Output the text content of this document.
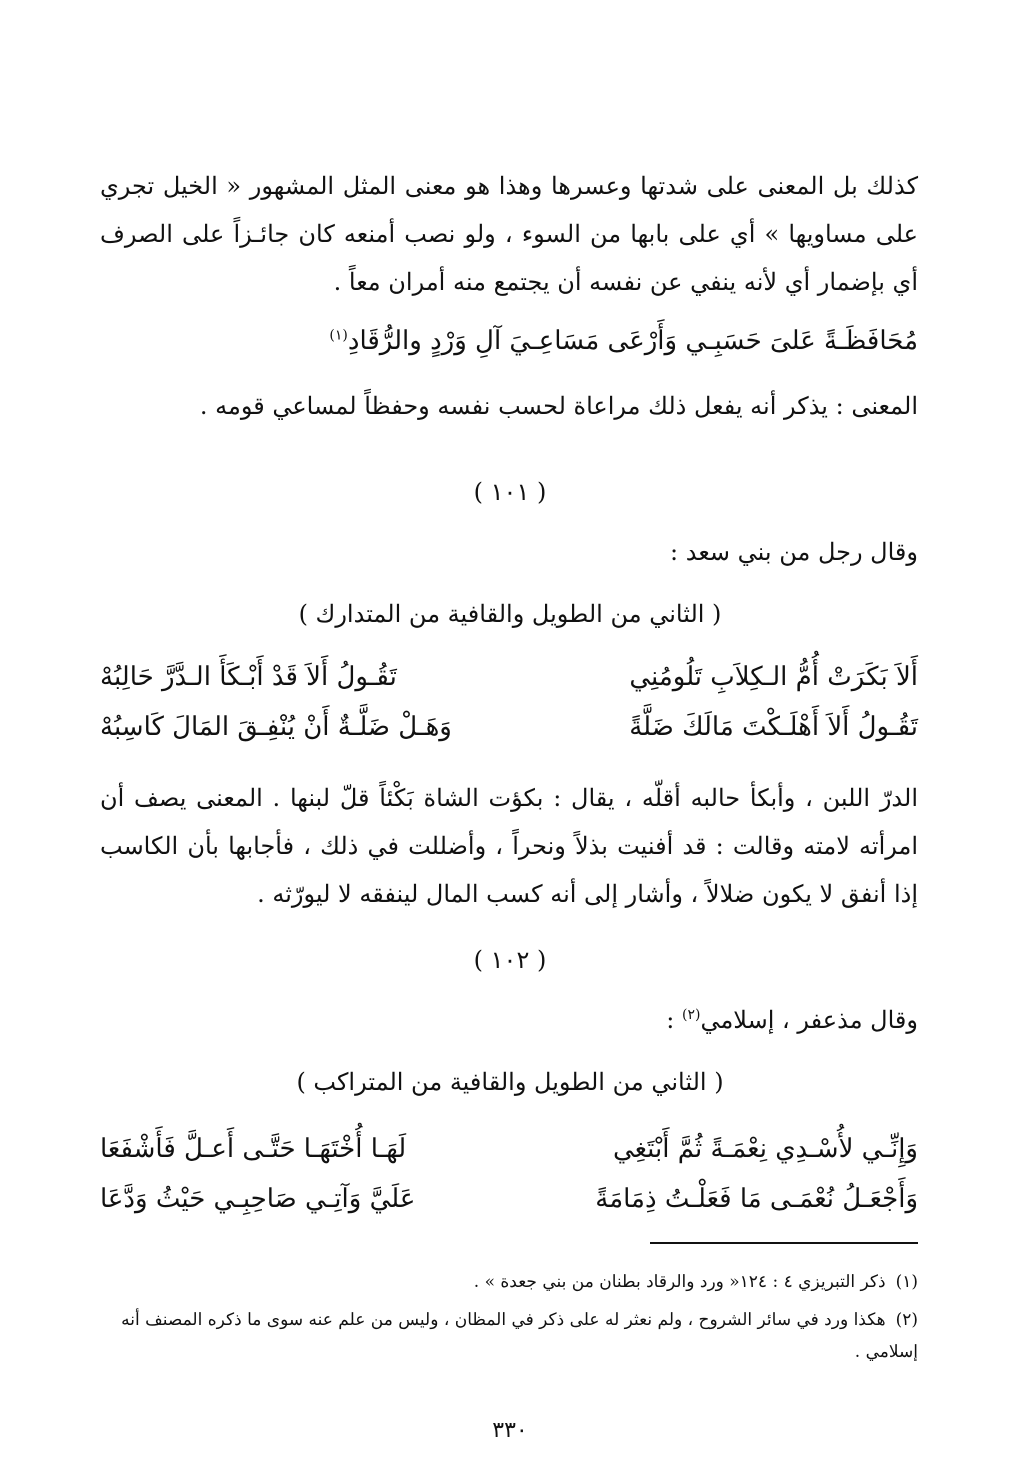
كذلك بل المعنى على شدتها وعسرها وهذا هو معنى المثل المشهور « الخيل تجري على مساويها » أي على بابها من السوء ، ولو نصب أمنعه كان جائـزاً على الصرف أي بإضمار أي لأنه ينفي عن نفسه أن يجتمع منه أمران معاً .
مُحَافَظَـةً عَلىَ حَسَبِـي وَأَرْعَى مَسَاعِـيَ آلِ وَرْدٍ والرُّقَادِ$^{(١)}$
المعنى : يذكر أنه يفعل ذلك مراعاة لحسب نفسه وحفظاً لمساعي قومه .
( ١٠١ )
وقال رجل من بني سعد :
( الثاني من الطويل والقافية من المتدارك )
أَلاَ بَكَرَتْ أُمُّ الـكِلاَبِ تَلُومُنِي
تَقُـولُ أَلاَ قَدْ أَبْـكَأَ الـدَّرَّ حَالِبُهْ
تَقُـولُ أَلاَ أَهْلَـكْتَ مَالَكَ ضَلَّةً
وَهَـلْ ضَلَّـةٌ أَنْ يُنْفِـقَ المَالَ كَاسِبُهْ
الدرّ اللبن ، وأبكأ حالبه أقلّه ، يقال : بكؤت الشاة بَكْئاً قلّ لبنها . المعنى يصف أن امرأته لامته وقالت : قد أفنيت بذلاً ونحراً ، وأضللت في ذلك ، فأجابها بأن الكاسب إذا أنفق لا يكون ضلالاً ، وأشار إلى أنه كسب المال لينفقه لا ليورّثه .
( ١٠٢ )
وقال مذعفر ، إسلامي$^{(٢)}$ :
( الثاني من الطويل والقافية من المتراكب )
وَإِنِّـي لأُسْـدِي نِعْمَـةً ثُمَّ أَبْتَغِي
لَهَـا أُخْتَهَـا حَتَّـى أَعـلَّ فَأَشْفَعَا
وَأَجْعَـلُ نُعْمَـى مَا فَعَلْـتُ ذِمَامَةً
عَلَيَّ وَآتِـي صَاحِبِـي حَيْثُ وَدَّعَا
(١)ذكر التبريزي ٤ : ١٢٤« ورد والرقاد بطنان من بني جعدة » .
(٢)هكذا ورد في سائر الشروح ، ولم نعثر له على ذكر في المظان ، وليس من علم عنه سوى ما ذكره المصنف أنه إسلامي .
٣٣٠
